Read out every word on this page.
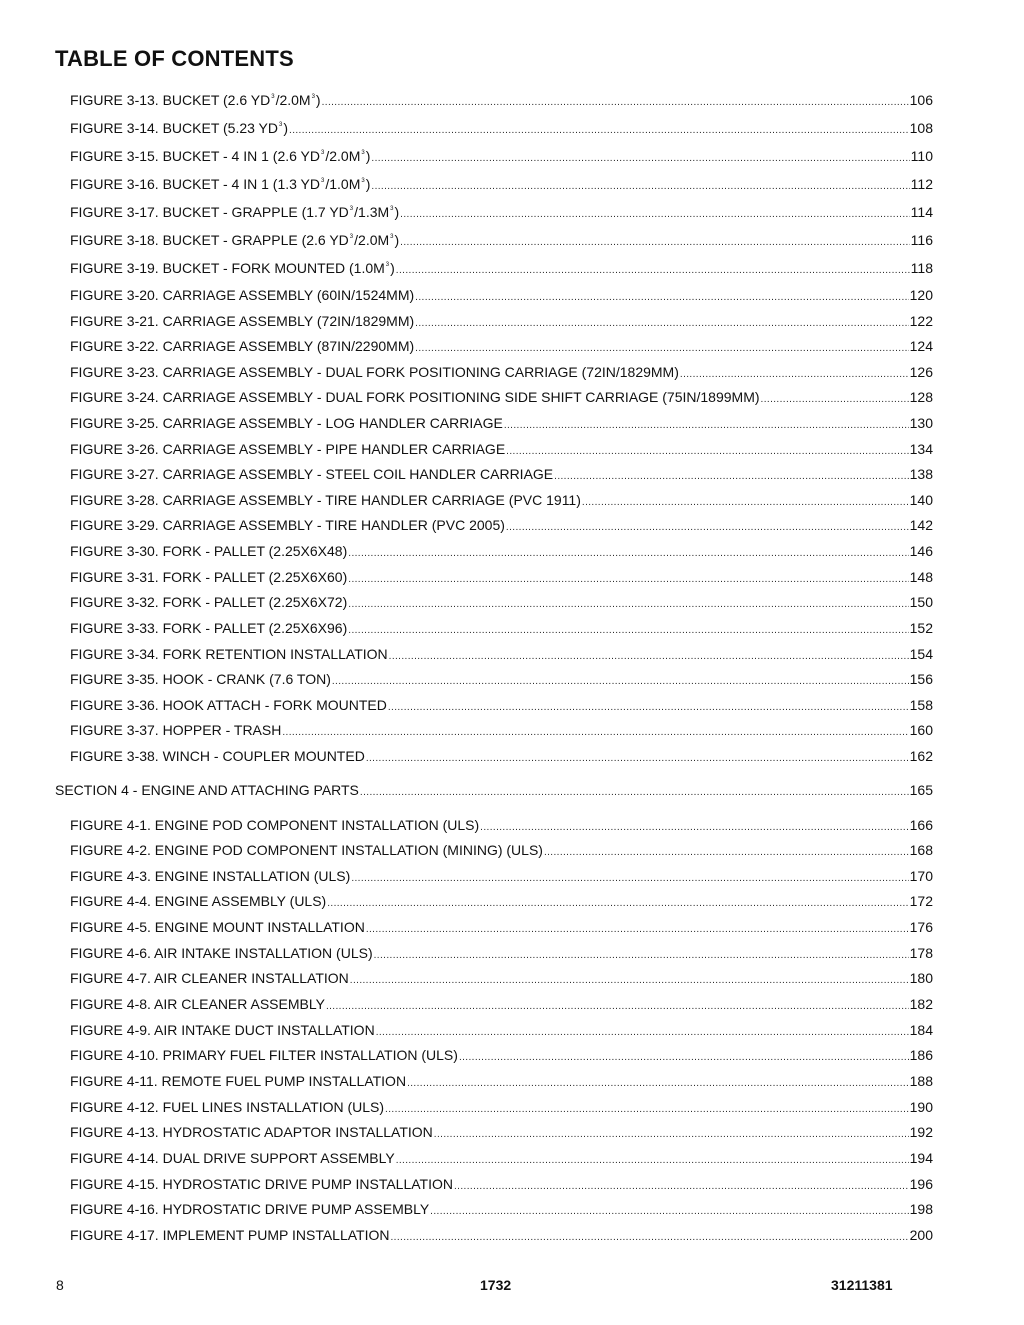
TABLE OF CONTENTS
FIGURE 3-13. BUCKET (2.6 $YD^3/2.0M^3$) .....	106
FIGURE 3-14. BUCKET (5.23 $YD^3$) .....	108
FIGURE 3-15. BUCKET - 4 IN 1 (2.6 $YD^3/2.0M^3$) .....	110
FIGURE 3-16. BUCKET - 4 IN 1 (1.3 $YD^3/1.0M^3$) .....	112
FIGURE 3-17. BUCKET - GRAPPLE (1.7 $YD^3/1.3M^3$) .....	114
FIGURE 3-18. BUCKET - GRAPPLE (2.6 $YD^3/2.0M^3$) .....	116
FIGURE 3-19. BUCKET - FORK MOUNTED $(1.0M^3)$ .....	118
FIGURE 3-20. CARRIAGE ASSEMBLY (60IN/1524MM) .....	120
FIGURE 3-21. CARRIAGE ASSEMBLY (72IN/1829MM) .....	122
FIGURE 3-22. CARRIAGE ASSEMBLY (87IN/2290MM) .....	124
FIGURE 3-23. CARRIAGE ASSEMBLY - DUAL FORK POSITIONING CARRIAGE (72IN/1829MM) .....	126
FIGURE 3-24. CARRIAGE ASSEMBLY - DUAL FORK POSITIONING SIDE SHIFT CARRIAGE (75IN/1899MM) .....	128
FIGURE 3-25. CARRIAGE ASSEMBLY - LOG HANDLER CARRIAGE .....	130
FIGURE 3-26. CARRIAGE ASSEMBLY - PIPE HANDLER CARRIAGE .....	134
FIGURE 3-27. CARRIAGE ASSEMBLY - STEEL COIL HANDLER CARRIAGE .....	138
FIGURE 3-28. CARRIAGE ASSEMBLY - TIRE HANDLER CARRIAGE (PVC 1911) .....	140
FIGURE 3-29. CARRIAGE ASSEMBLY - TIRE HANDLER (PVC 2005) .....	142
FIGURE 3-30. FORK - PALLET (2.25X6X48) .....	146
FIGURE 3-31. FORK - PALLET (2.25X6X60) .....	148
FIGURE 3-32. FORK - PALLET (2.25X6X72) .....	150
FIGURE 3-33. FORK - PALLET (2.25X6X96) .....	152
FIGURE 3-34. FORK RETENTION INSTALLATION .....	154
FIGURE 3-35. HOOK - CRANK (7.6 TON) .....	156
FIGURE 3-36. HOOK ATTACH - FORK MOUNTED .....	158
FIGURE 3-37. HOPPER - TRASH .....	160
FIGURE 3-38. WINCH - COUPLER MOUNTED .....	162
SECTION 4 - ENGINE AND ATTACHING PARTS .....	165
FIGURE 4-1. ENGINE POD COMPONENT INSTALLATION (ULS) .....	166
FIGURE 4-2. ENGINE POD COMPONENT INSTALLATION (MINING) (ULS) .....	168
FIGURE 4-3. ENGINE INSTALLATION (ULS) .....	170
FIGURE 4-4. ENGINE ASSEMBLY (ULS) .....	172
FIGURE 4-5. ENGINE MOUNT INSTALLATION .....	176
FIGURE 4-6. AIR INTAKE INSTALLATION (ULS) .....	178
FIGURE 4-7. AIR CLEANER INSTALLATION .....	180
FIGURE 4-8. AIR CLEANER ASSEMBLY .....	182
FIGURE 4-9. AIR INTAKE DUCT INSTALLATION .....	184
FIGURE 4-10. PRIMARY FUEL FILTER INSTALLATION (ULS) .....	186
FIGURE 4-11. REMOTE FUEL PUMP INSTALLATION .....	188
FIGURE 4-12. FUEL LINES INSTALLATION (ULS) .....	190
FIGURE 4-13. HYDROSTATIC ADAPTOR INSTALLATION .....	192
FIGURE 4-14. DUAL DRIVE SUPPORT ASSEMBLY .....	194
FIGURE 4-15. HYDROSTATIC DRIVE PUMP INSTALLATION .....	196
FIGURE 4-16. HYDROSTATIC DRIVE PUMP ASSEMBLY .....	198
FIGURE 4-17. IMPLEMENT PUMP INSTALLATION .....	200
8	1732	31211381
